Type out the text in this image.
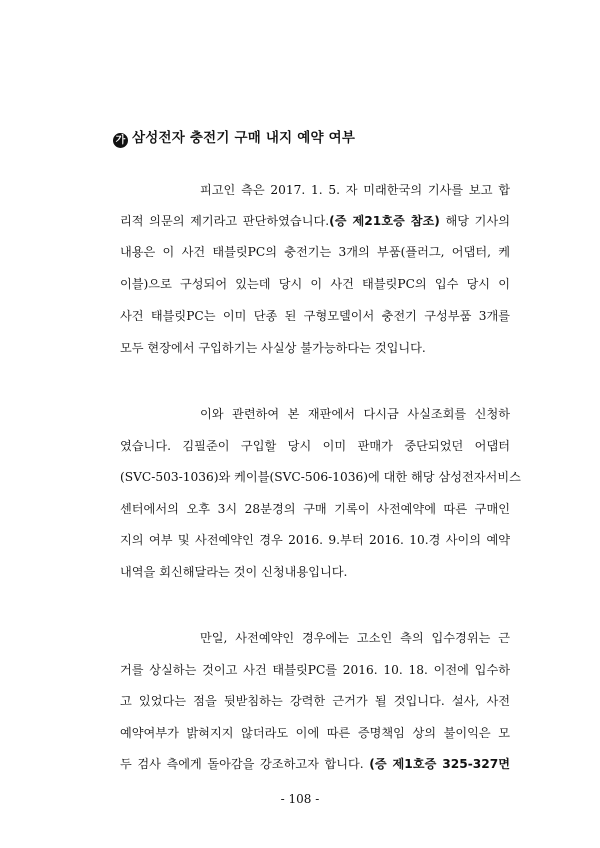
가 삼성전자 충전기 구매 내지 예약 여부
피고인 측은 2017. 1. 5. 자 미래한국의 기사를 보고 합
리적 의문의 제기라고 판단하였습니다.(증 제21호증 참조) 해당 기사의
내용은 이 사건 태블릿PC의 충전기는 3개의 부품(플러그, 어댑터, 케
이블)으로 구성되어 있는데 당시 이 사건 태블릿PC의 입수 당시 이
사건 태블릿PC는 이미 단종 된 구형모델이서 충전기 구성부품 3개를
모두 현장에서 구입하기는 사실상 불가능하다는 것입니다.
이와 관련하여 본 재판에서 다시금 사실조회를 신청하
였습니다. 김필준이 구입할 당시 이미 판매가 중단되었던 어댑터
(SVC-503-1036)와 케이블(SVC-506-1036)에 대한 해당 삼성전자서비스
센터에서의 오후 3시 28분경의 구매 기록이 사전예약에 따른 구매인
지의 여부 및 사전예약인 경우 2016. 9.부터 2016. 10.경 사이의 예약
내역을 회신해달라는 것이 신청내용입니다.
만일, 사전예약인 경우에는 고소인 측의 입수경위는 근
거를 상실하는 것이고 사건 태블릿PC를 2016. 10. 18. 이전에 입수하
고 있었다는 점을 뒷받침하는 강력한 근거가 될 것입니다. 설사, 사전
예약여부가 밝혀지지 않더라도 이에 따른 증명책임 상의 불이익은 모
두 검사 측에게 돌아감을 강조하고자 합니다. (증 제1호증 325-327면
- 108 -
